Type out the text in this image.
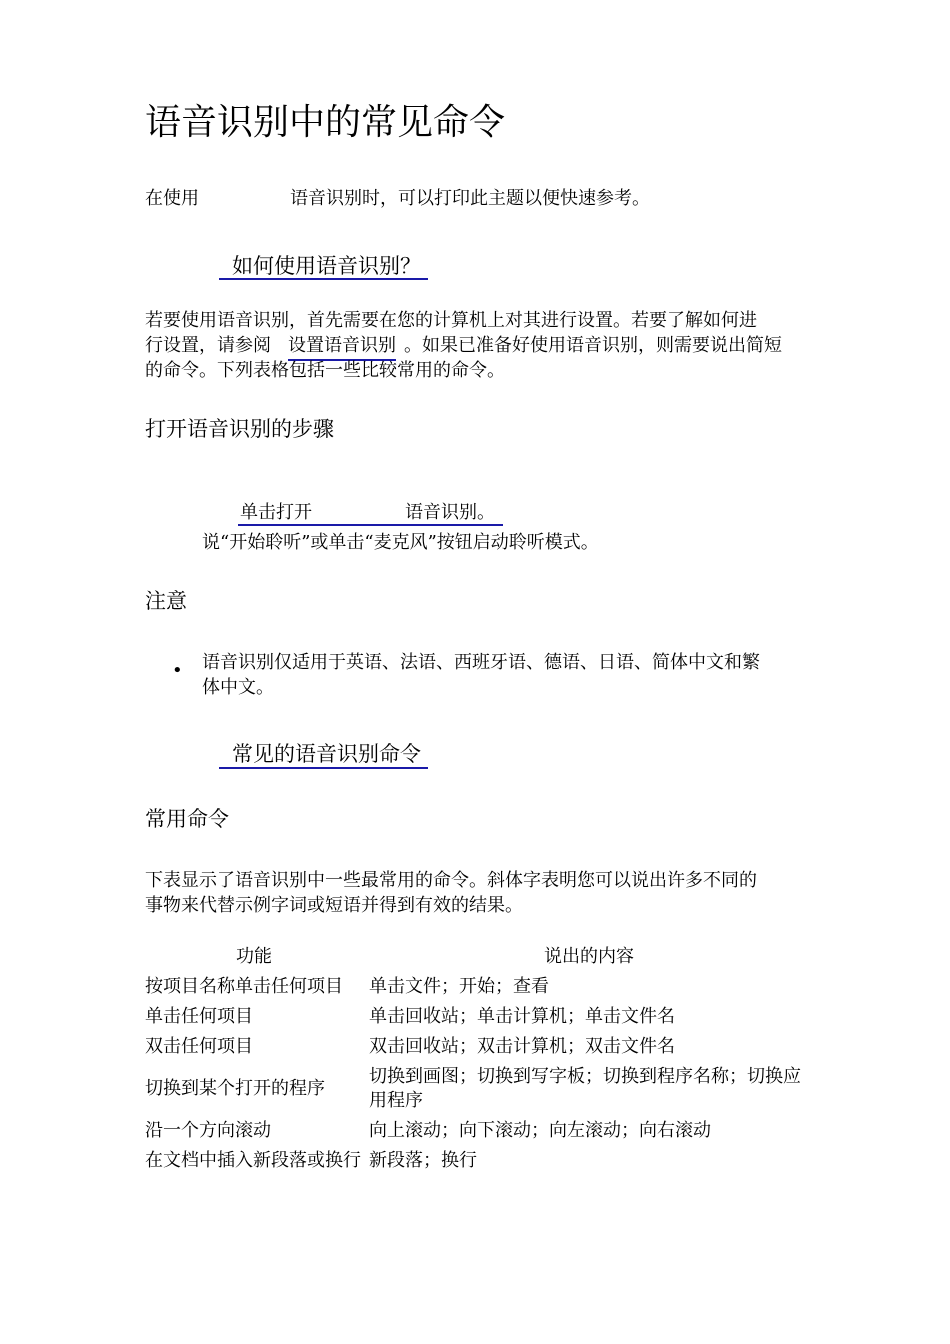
语音识别中的常见命令
在使用	语音识别时，可以打印此主题以便快速参考。
如何使用语音识别？
若要使用语音识别，首先需要在您的计算机上对其进行设置。若要了解如何进
行设置，请参阅 设置语音识别 。如果已准备好使用语音识别，则需要说出简短
的命令。下列表格包括一些比较常用的命令。
打开语音识别的步骤
单击打开	语音识别。
说“开始聆听”或单击“麦克风”按钮启动聆听模式。
注意
• 语音识别仅适用于英语、法语、西班牙语、德语、日语、简体中文和繁
体中文。
常见的语音识别命令
常用命令
下表显示了语音识别中一些最常用的命令。斜体字表明您可以说出许多不同的
事物来代替示例字词或短语并得到有效的结果。
功能	说出的内容
按项目名称单击任何项目	单击文件；开始；查看
单击任何项目	单击回收站；单击计算机；单击文件名
双击任何项目	双击回收站；双击计算机；双击文件名
切换到某个打开的程序	切换到画图；切换到写字板；切换到程序名称；切换应用程序
沿一个方向滚动	向上滚动；向下滚动；向左滚动；向右滚动
在文档中插入新段落或换行	新段落；换行
